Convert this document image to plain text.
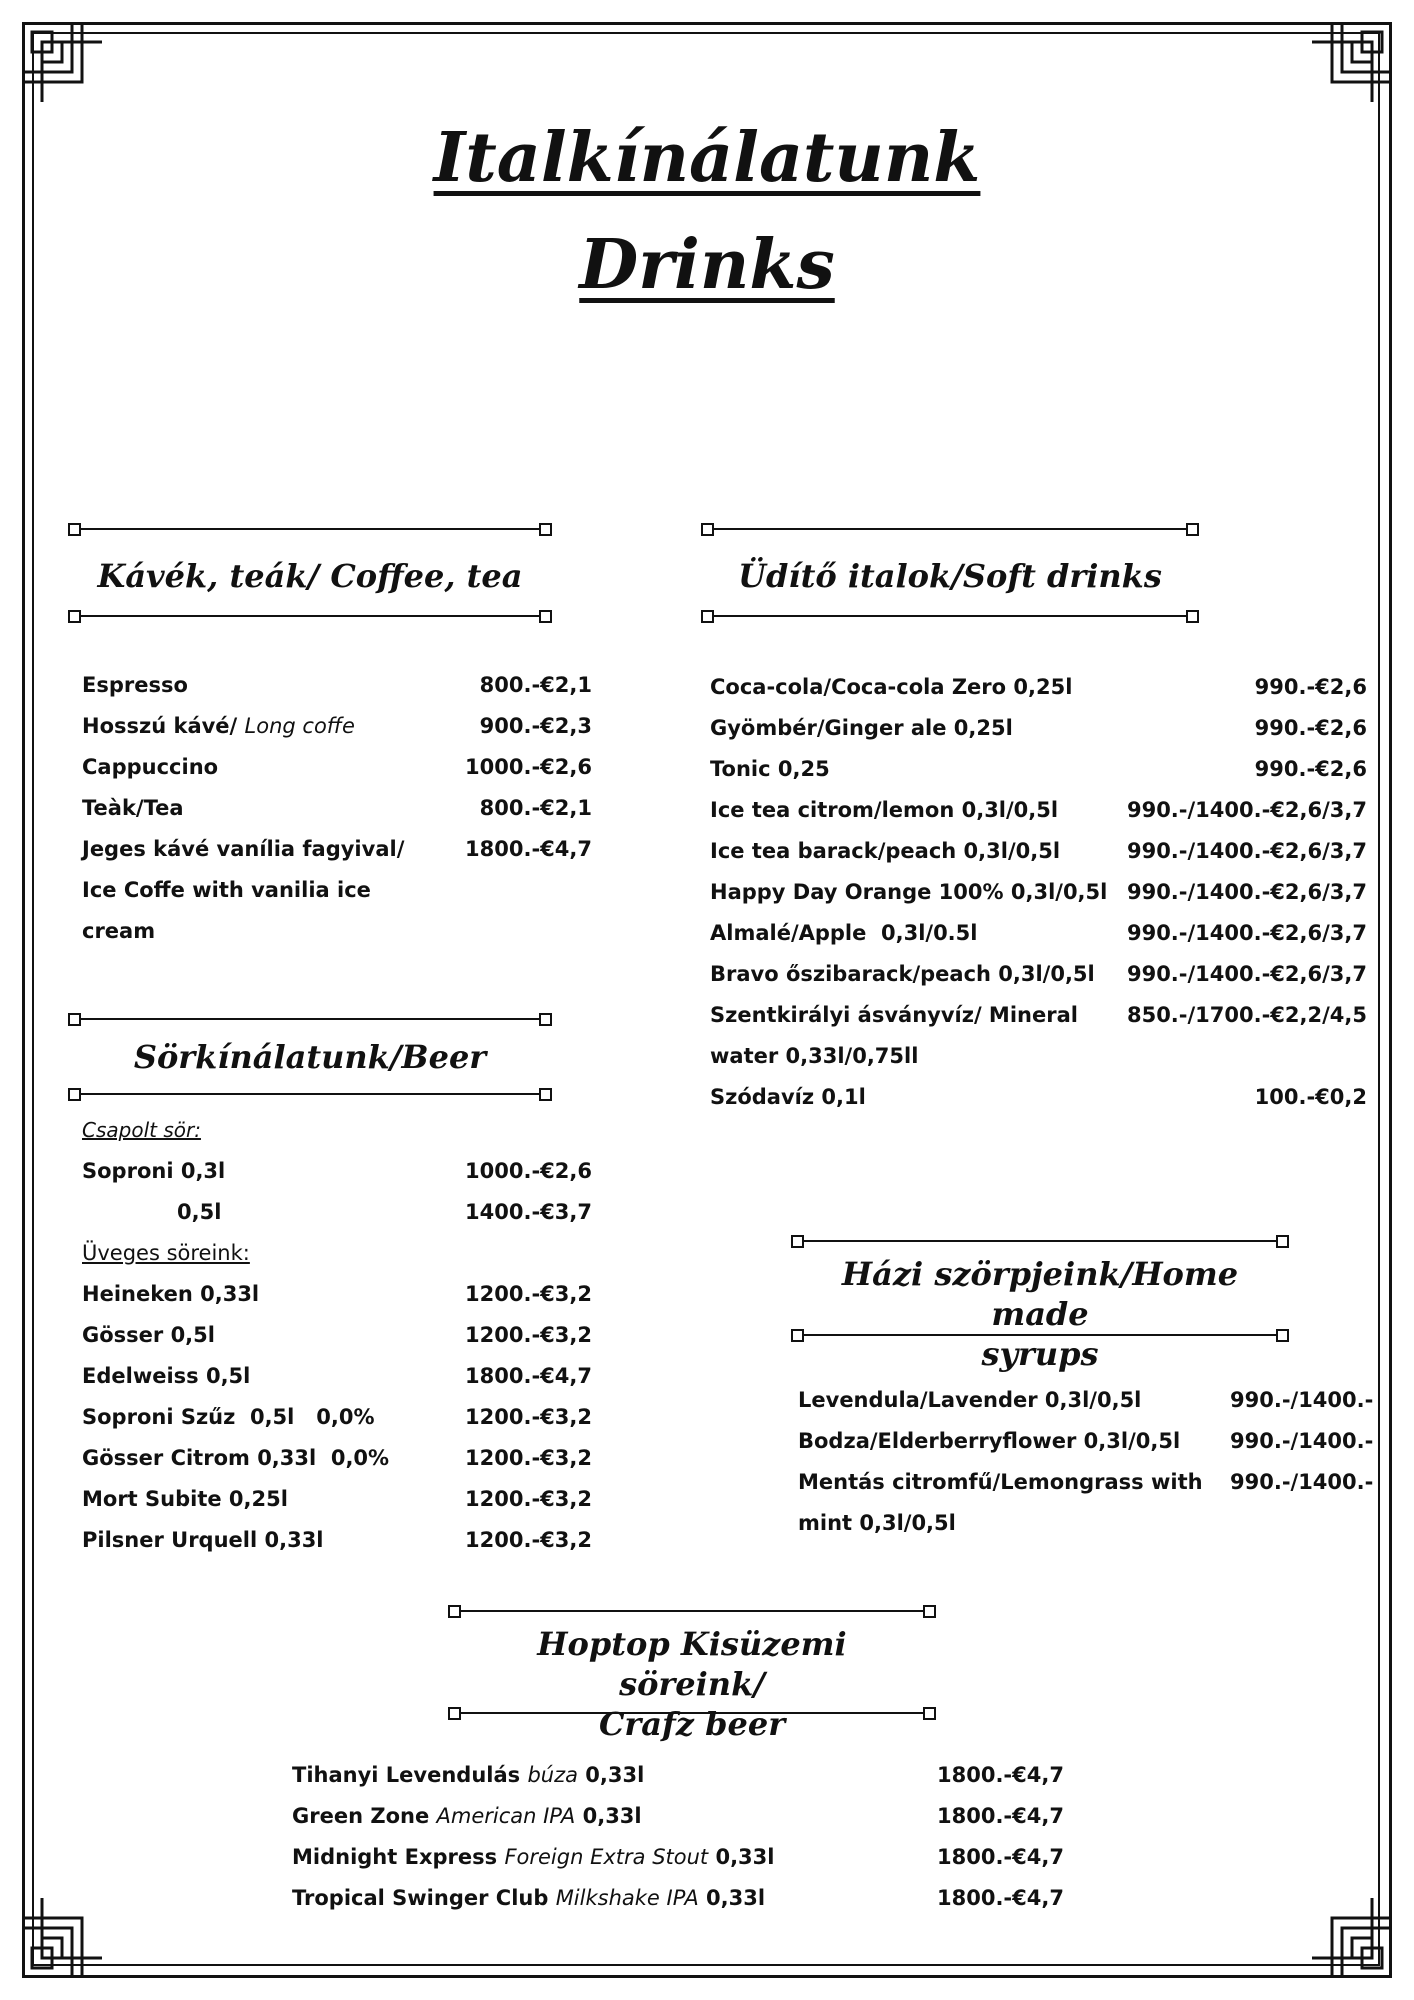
Italkínálatunk
Drinks
Kávék, teák/ Coffee, tea
Espresso	800.-€2,1
Hosszú kávé/ Long coffe	900.-€2,3
Cappuccino	1000.-€2,6
Teàk/Tea	800.-€2,1
Jeges kávé vanília fagyival/	1800.-€4,7
Ice Coffe with vanilia ice
cream
Sörkínálatunk/Beer
Csapolt sör:
Soproni 0,3l	1000.-€2,6
0,5l	1400.-€3,7
Üveges söreink:
Heineken 0,33l	1200.-€3,2
Gösser 0,5l	1200.-€3,2
Edelweiss 0,5l	1800.-€4,7
Soproni Szűz  0,5l   0,0%	1200.-€3,2
Gösser Citrom 0,33l  0,0%	1200.-€3,2
Mort Subite 0,25l	1200.-€3,2
Pilsner Urquell 0,33l	1200.-€3,2
Üdítő italok/Soft drinks
Coca-cola/Coca-cola Zero 0,25l	990.-€2,6
Gyömbér/Ginger ale 0,25l	990.-€2,6
Tonic 0,25	990.-€2,6
Ice tea citrom/lemon 0,3l/0,5l	990.-/1400.-€2,6/3,7
Ice tea barack/peach 0,3l/0,5l	990.-/1400.-€2,6/3,7
Happy Day Orange 100% 0,3l/0,5l 990.-/1400.-€2,6/3,7
Almalé/Apple  0,3l/0.5l	990.-/1400.-€2,6/3,7
Bravo őszibarack/peach 0,3l/0,5l 990.-/1400.-€2,6/3,7
Szentkirályi ásványvíz/ Mineral 850.-/1700.-€2,2/4,5
water 0,33l/0,75ll
Szódavíz 0,1l	100.-€0,2
Házi szörpjeink/Home made
syrups
Levendula/Lavender 0,3l/0,5l	990.-/1400.-
Bodza/Elderberryflower 0,3l/0,5l 990.-/1400.-
Mentás citromfű/Lemongrass with 990.-/1400.-
mint 0,3l/0,5l
Hoptop Kisüzemi söreink/
Crafz beer
Tihanyi Levendulás búza 0,33l	1800.-€4,7
Green Zone American IPA 0,33l	1800.-€4,7
Midnight Express Foreign Extra Stout 0,33l	1800.-€4,7
Tropical Swinger Club Milkshake IPA 0,33l	1800.-€4,7
